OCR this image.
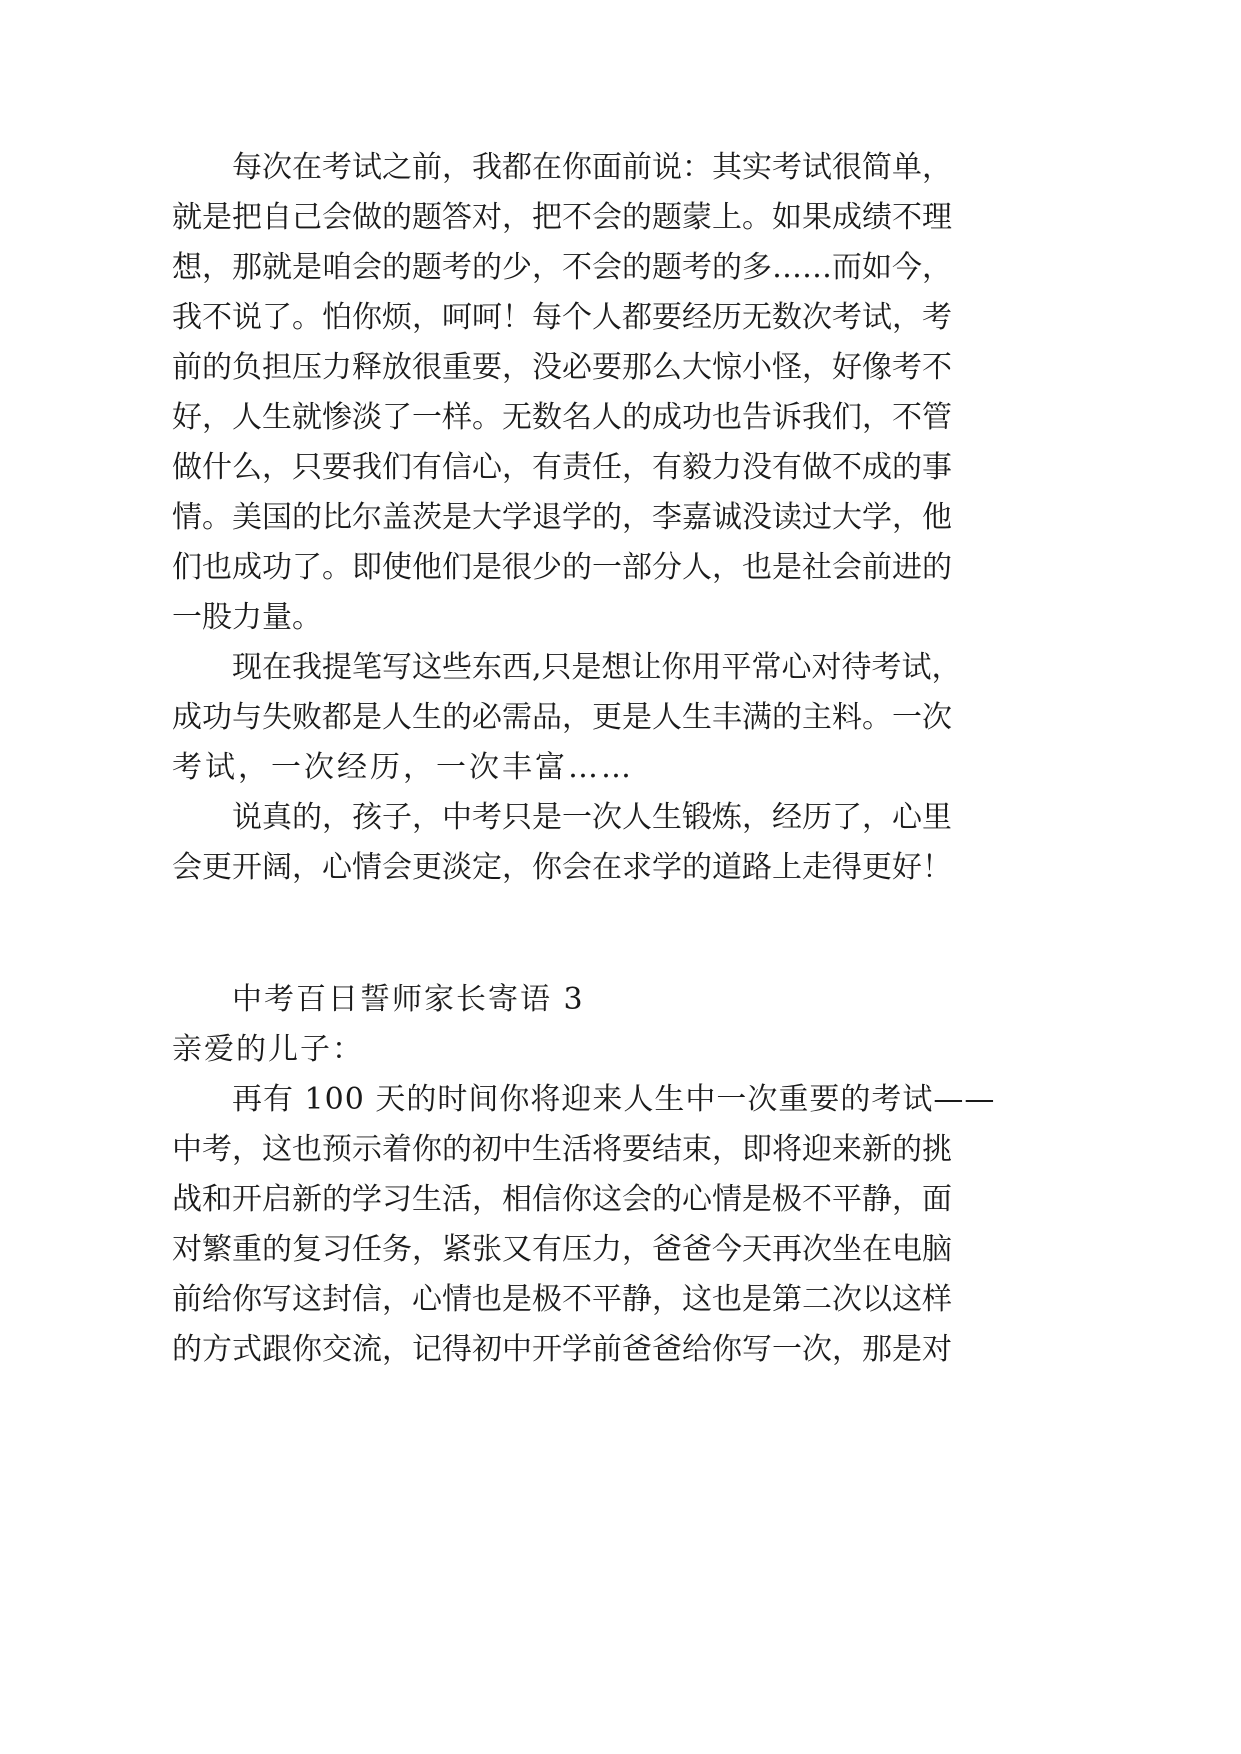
每 次 在 考 试 之 前 ， 我 都 在 你 面 前 说 ： 其 实 考 试 很 简 单 ，
就 是 把 自 己 会 做 的 题 答 对 ， 把 不 会 的 题 蒙 上 。 如 果 成 绩 不 理
想 ， 那 就 是 咱 会 的 题 考 的 少 ， 不 会 的 题 考 的 多 …… 而 如 今 ，
我 不 说 了 。 怕 你 烦 ， 呵 呵 ！ 每 个 人 都 要 经 历 无 数 次 考 试 ， 考
前 的 负 担 压 力 释 放 很 重 要 ， 没 必 要 那 么 大 惊 小 怪 ， 好 像 考 不
好 ， 人 生 就 惨 淡 了 一 样 。 无 数 名 人 的 成 功 也 告 诉 我 们 ， 不 管
做 什 么 ， 只 要 我 们 有 信 心 ， 有 责 任 ， 有 毅 力 没 有 做 不 成 的 事
情 。 美 国 的 比 尔 盖 茨 是 大 学 退 学 的 ， 李 嘉 诚 没 读 过 大 学 ， 他
们 也 成 功 了 。 即 使 他 们 是 很 少 的 一 部 分 人 ， 也 是 社 会 前 进 的
一股力量。
现 在 我 提 笔 写 这 些 东 西 , 只 是 想 让 你 用 平 常 心 对 待 考 试 ，
成 功 与 失 败 都 是 人 生 的 必 需 品 ， 更 是 人 生 丰 满 的 主 料 。 一 次
考试，一次经历，一次丰富……
说 真 的 ， 孩 子 ， 中 考 只 是 一 次 人 生 锻 炼 ， 经 历 了 ， 心 里
会 更 开 阔 ， 心 情 会 更 淡 定 ， 你 会 在 求 学 的 道 路 上 走 得 更 好 ！
中考百日誓师家长寄语 3
亲爱的儿子：
再有 100 天的时间你将迎来人生中一次重要的考试——
中 考 ， 这 也 预 示 着 你 的 初 中 生 活 将 要 结 束 ， 即 将 迎 来 新 的 挑
战 和 开 启 新 的 学 习 生 活 ， 相 信 你 这 会 的 心 情 是 极 不 平 静 ， 面
对 繁 重 的 复 习 任 务 ， 紧 张 又 有 压 力 ， 爸 爸 今 天 再 次 坐 在 电 脑
前 给 你 写 这 封 信 ， 心 情 也 是 极 不 平 静 ， 这 也 是 第 二 次 以 这 样
的 方 式 跟 你 交 流 ， 记 得 初 中 开 学 前 爸 爸 给 你 写 一 次 ， 那 是 对
